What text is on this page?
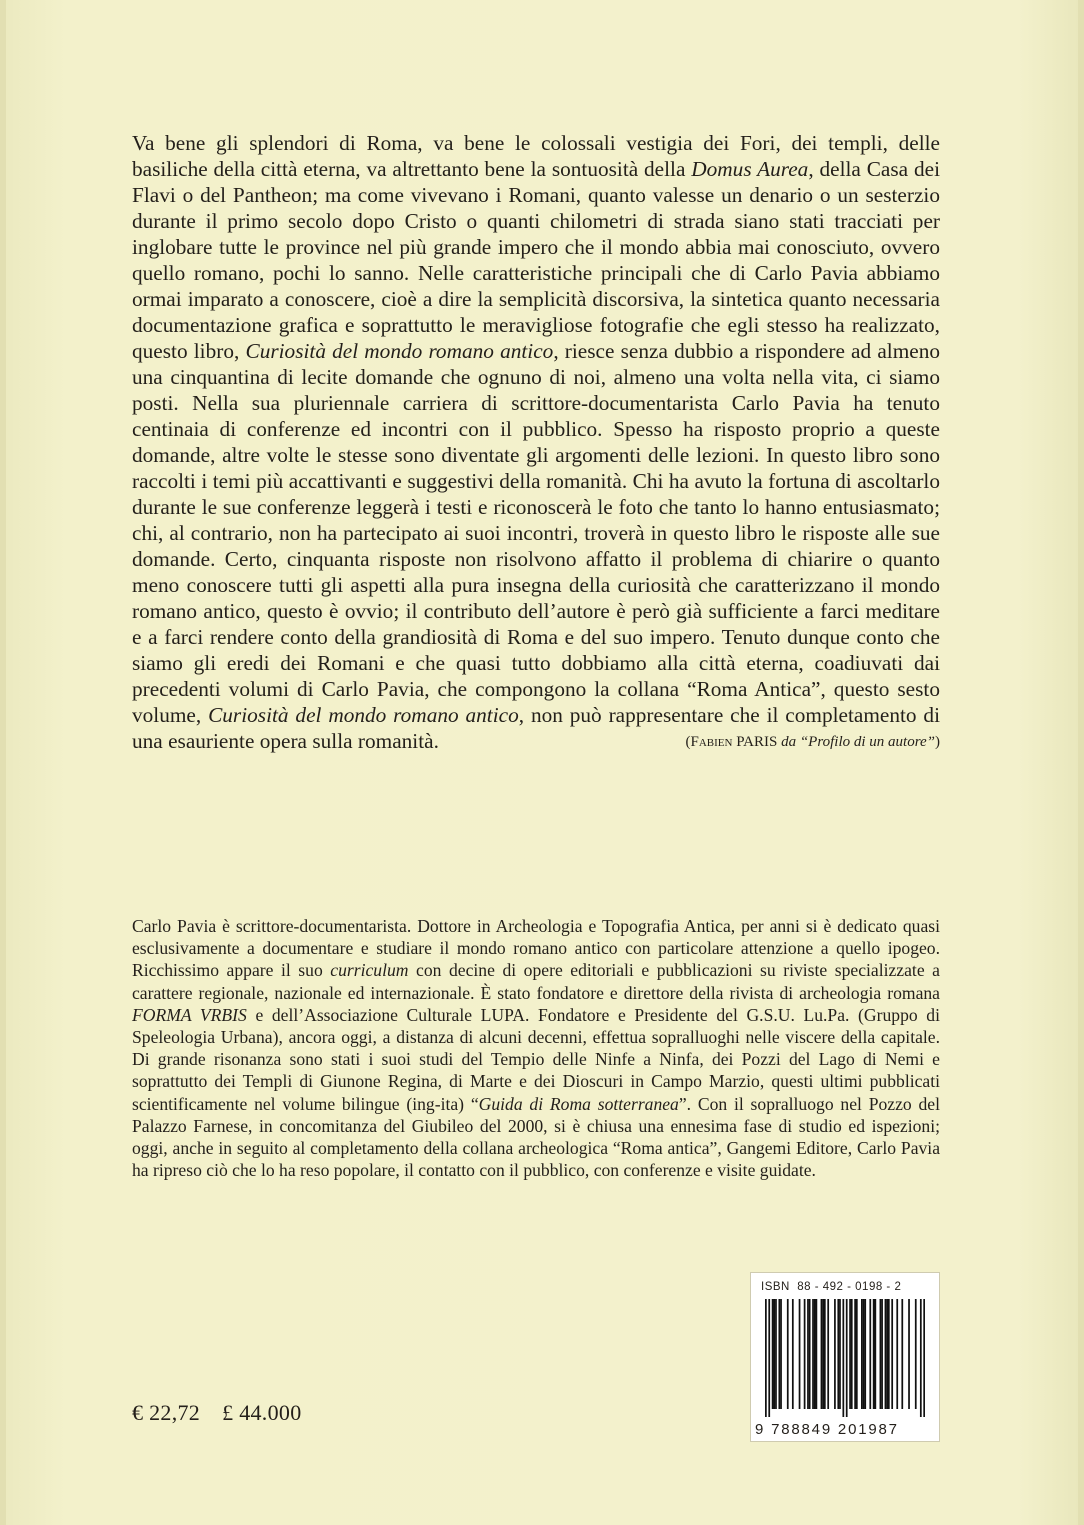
Va bene gli splendori di Roma, va bene le colossali vestigia dei Fori, dei templi, delle basiliche della città eterna, va altrettanto bene la sontuosità della Domus Aurea, della Casa dei Flavi o del Pantheon; ma come vivevano i Romani, quanto valesse un denario o un sesterzio durante il primo secolo dopo Cristo o quanti chilometri di strada siano stati tracciati per inglobare tutte le province nel più grande impero che il mondo abbia mai conosciuto, ovvero quello romano, pochi lo sanno. Nelle caratteristiche principali che di Carlo Pavia abbiamo ormai imparato a conoscere, cioè a dire la semplicità discorsiva, la sintetica quanto necessaria documentazione grafica e soprattutto le meravigliose fotografie che egli stesso ha realizzato, questo libro, Curiosità del mondo romano antico, riesce senza dubbio a rispondere ad almeno una cinquantina di lecite domande che ognuno di noi, almeno una volta nella vita, ci siamo posti. Nella sua pluriennale carriera di scrittore-documentarista Carlo Pavia ha tenuto centinaia di conferenze ed incontri con il pubblico. Spesso ha risposto proprio a queste domande, altre volte le stesse sono diventate gli argomenti delle lezioni. In questo libro sono raccolti i temi più accattivanti e suggestivi della romanità. Chi ha avuto la fortuna di ascoltarlo durante le sue conferenze leggerà i testi e riconoscerà le foto che tanto lo hanno entusiasmato; chi, al contrario, non ha partecipato ai suoi incontri, troverà in questo libro le risposte alle sue domande. Certo, cinquanta risposte non risolvono affatto il problema di chiarire o quanto meno conoscere tutti gli aspetti alla pura insegna della curiosità che caratterizzano il mondo romano antico, questo è ovvio; il contributo dell’autore è però già sufficiente a farci meditare e a farci rendere conto della grandiosità di Roma e del suo impero. Tenuto dunque conto che siamo gli eredi dei Romani e che quasi tutto dobbiamo alla città eterna, coadiuvati dai precedenti volumi di Carlo Pavia, che compongono la collana “Roma Antica”, questo sesto volume, Curiosità del mondo romano antico, non può rappresentare che il completamento di una esauriente opera sulla romanità.	(Fabien PARIS da “Profilo di un autore”)

Carlo Pavia è scrittore-documentarista. Dottore in Archeologia e Topografia Antica, per anni si è dedicato quasi esclusivamente a documentare e studiare il mondo romano antico con particolare attenzione a quello ipogeo. Ricchissimo appare il suo curriculum con decine di opere editoriali e pubblicazioni su riviste specializzate a carattere regionale, nazionale ed internazionale. È stato fondatore e direttore della rivista di archeologia romana FORMA VRBIS e dell’Associazione Culturale LUPA. Fondatore e Presidente del G.S.U. Lu.Pa. (Gruppo di Speleologia Urbana), ancora oggi, a distanza di alcuni decenni, effettua sopralluoghi nelle viscere della capitale. Di grande risonanza sono stati i suoi studi del Tempio delle Ninfe a Ninfa, dei Pozzi del Lago di Nemi e soprattutto dei Templi di Giunone Regina, di Marte e dei Dioscuri in Campo Marzio, questi ultimi pubblicati scientificamente nel volume bilingue (ing-ita) “Guida di Roma sotterranea”. Con il sopralluogo nel Pozzo del Palazzo Farnese, in concomitanza del Giubileo del 2000, si è chiusa una ennesima fase di studio ed ispezioni; oggi, anche in seguito al completamento della collana archeologica “Roma antica”, Gangemi Editore, Carlo Pavia ha ripreso ciò che lo ha reso popolare, il contatto con il pubblico, con conferenze e visite guidate.

€ 22,72 £ 44.000
ISBN  88 - 492 - 0198 - 2
9 788849 201987
